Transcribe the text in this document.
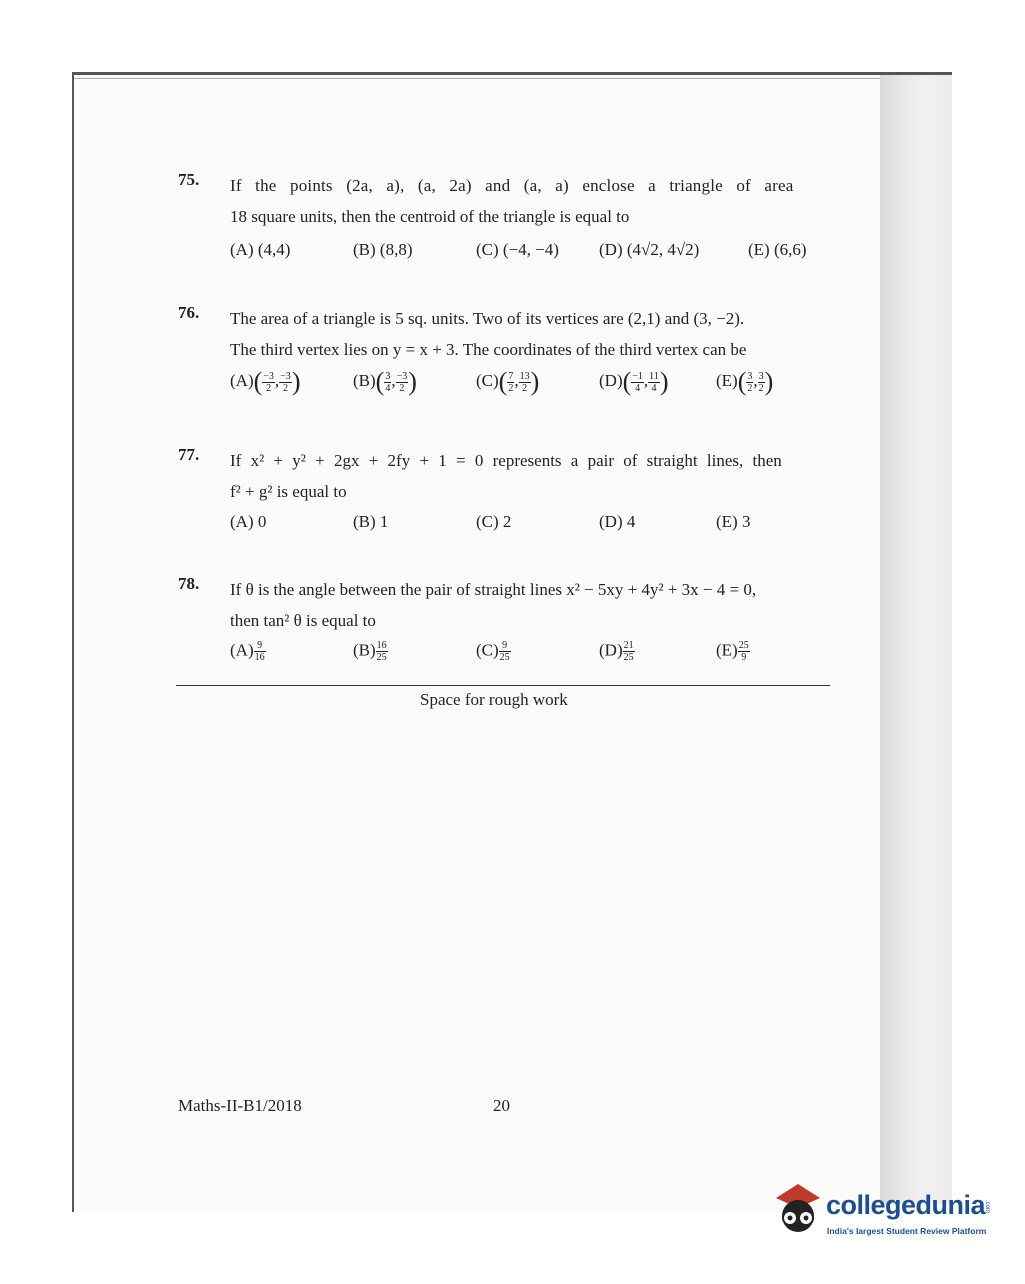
75. If the points (2a, a), (a, 2a) and (a, a) enclose a triangle of area
18 square units, then the centroid of the triangle is equal to
(A) (4,4)	(B) (8,8)	(C) (−4, −4) (D) (4√2, 4√2)	(E) (6,6)
76. The area of a triangle is 5 sq. units. Two of its vertices are (2,1) and (3, −2).
The third vertex lies on y = x + 3. The coordinates of the third vertex can be
$(A)( \frac{-3}{2}$ , $\frac{-3}{2}$ )	$(B)( \frac{3}{4}$ , $\frac{-3}{2}$ )	$(C)( \frac{7}{2}$ , $\frac{13}{2}$ )	$(D)( \frac{-1}{4}$ , $\frac{11}{4}$ )	$(E)( \frac{3}{2}$ , $\frac{3}{2}$ )
77. If x² + y² + 2gx + 2fy + 1 = 0 represents a pair of straight lines, then
f² + g² is equal to
(A) 0	(B) 1	(C) 2	(D) 4	(E) 3
78. If θ is the angle between the pair of straight lines x² − 5xy + 4y² + 3x − 4 = 0,
then tan² θ is equal to
$(A) \frac{9}{16}$	$(B) \frac{16}{25}$	$(C) \frac{9}{25}$	$(D) \frac{21}{25}$	$(E) \frac{25}{9}$
Space for rough work
Maths-II-B1/2018	20
collegedunia
.com
India's largest Student Review Platform
